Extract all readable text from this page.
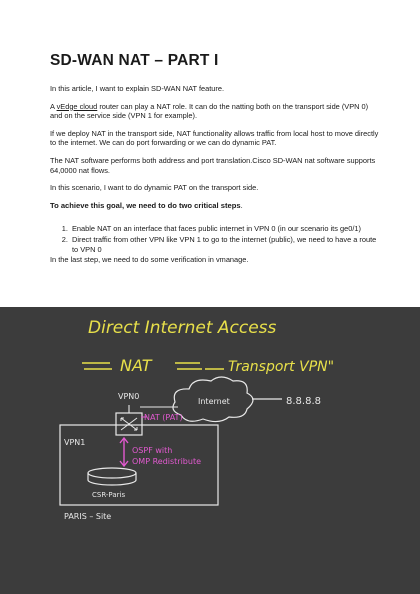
SD-WAN NAT – PART I

In this article, I want to explain SD-WAN NAT feature.

A vEdge cloud router can play a NAT role. It can do the natting both on the transport side (VPN 0) and on the service side (VPN 1 for example).

If we deploy NAT in the transport side, NAT functionality allows traffic from local host to move directly to the internet. We can do port forwarding or we can do dynamic PAT.

The NAT software performs both address and port translation.Cisco SD-WAN nat software supports 64,0000 nat flows.

In this scenario, I want to do dynamic PAT on the transport side.

To achieve this goal, we need to do two critical steps.

1. Enable NAT on an interface that faces public internet in VPN 0 (in our scenario its ge0/1)
2. Direct traffic from other VPN like VPN 1 to go to the internet (public), we need to have a route to VPN 0

In the last step, we need to do some verification in vmanage.

Direct Internet Access
NAT	Transport VPN"
VPN0
Internet	8.8.8.8
VPN1
NAT (PAT)
OSPF with
OMP Redistribute
CSR-Paris
PARIS – Site
